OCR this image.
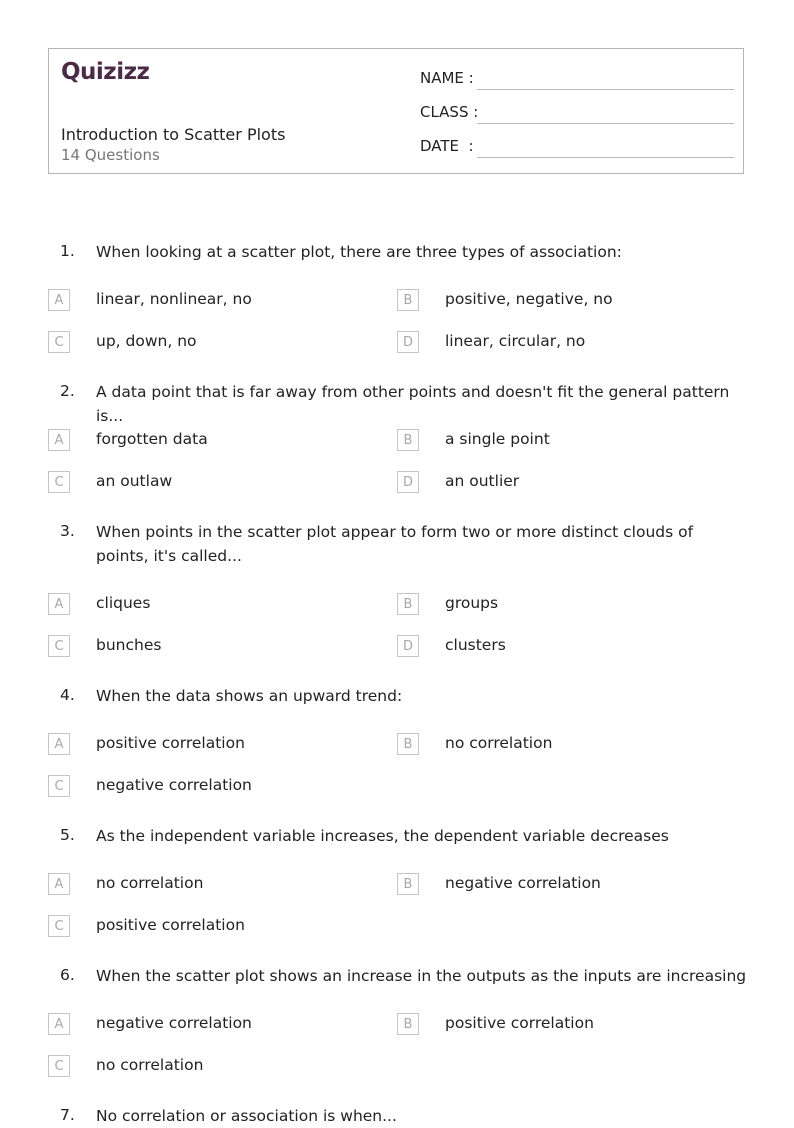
Quizizz
Introduction to Scatter Plots
14 Questions
NAME :
CLASS :
DATE  :
1. When looking at a scatter plot, there are three types of association:
A	linear, nonlinear, no	B	positive, negative, no
C	up, down, no	D	linear, circular, no
2. A data point that is far away from other points and doesn't fit the general pattern is...
A	forgotten data	B	a single point
C	an outlaw	D	an outlier
3. When points in the scatter plot appear to form two or more distinct clouds of points, it's called...
A	cliques	B	groups
C	bunches	D	clusters
4. When the data shows an upward trend:
A	positive correlation	B	no correlation
C	negative correlation
5. As the independent variable increases, the dependent variable decreases
A	no correlation	B	negative correlation
C	positive correlation
6. When the scatter plot shows an increase in the outputs as the inputs are increasing
A	negative correlation	B	positive correlation
C	no correlation
7. No correlation or association is when...
